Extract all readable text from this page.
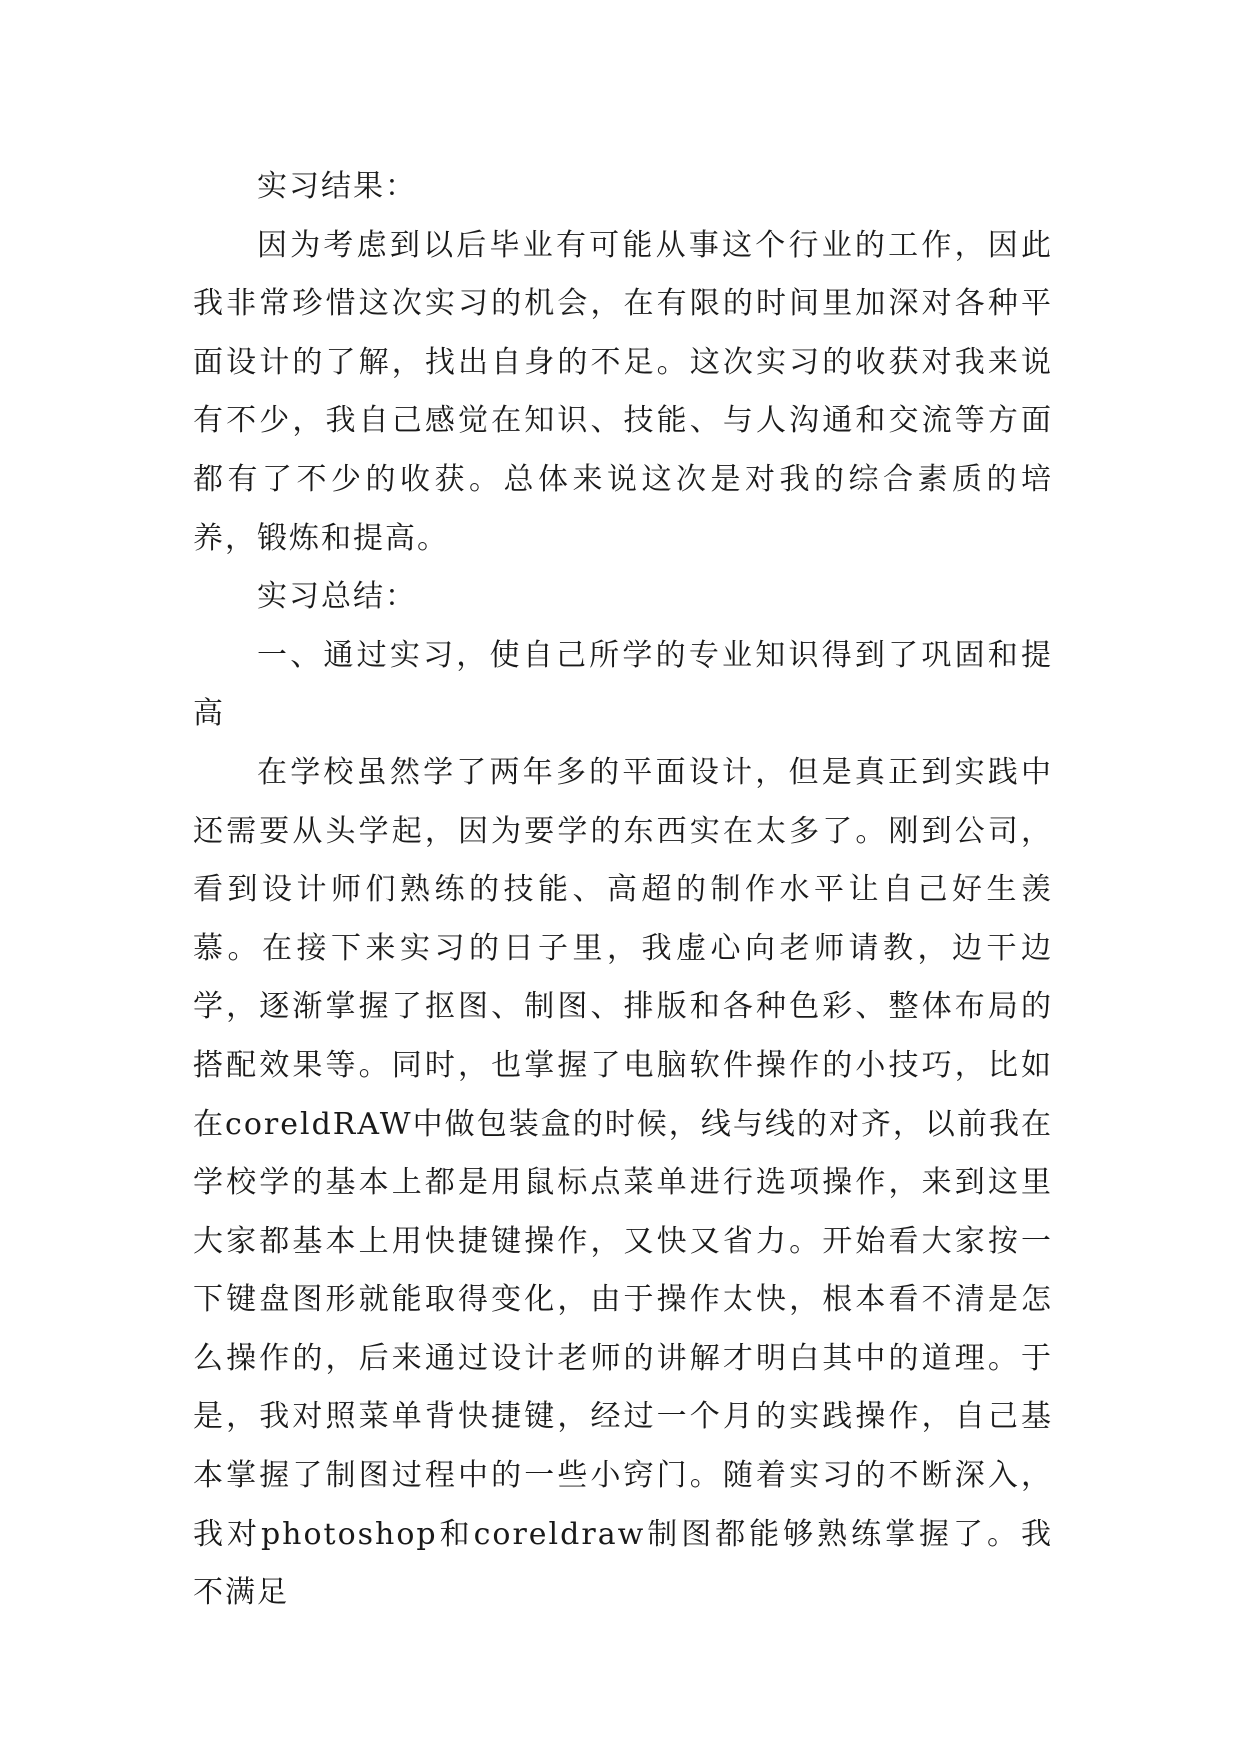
实习结果：

因为考虑到以后毕业有可能从事这个行业的工作，因此我非常珍惜这次实习的机会，在有限的时间里加深对各种平面设计的了解，找出自身的不足。这次实习的收获对我来说有不少，我自己感觉在知识、技能、与人沟通和交流等方面都有了不少的收获。总体来说这次是对我的综合素质的培养，锻炼和提高。

实习总结：

一、通过实习，使自己所学的专业知识得到了巩固和提高

在学校虽然学了两年多的平面设计，但是真正到实践中还需要从头学起，因为要学的东西实在太多了。刚到公司，看到设计师们熟练的技能、高超的制作水平让自己好生羡慕。在接下来实习的日子里，我虚心向老师请教，边干边学，逐渐掌握了抠图、制图、排版和各种色彩、整体布局的搭配效果等。同时，也掌握了电脑软件操作的小技巧，比如在coreldRAW中做包装盒的时候，线与线的对齐，以前我在学校学的基本上都是用鼠标点菜单进行选项操作，来到这里大家都基本上用快捷键操作，又快又省力。开始看大家按一下键盘图形就能取得变化，由于操作太快，根本看不清是怎么操作的，后来通过设计老师的讲解才明白其中的道理。于是，我对照菜单背快捷键，经过一个月的实践操作，自己基本掌握了制图过程中的一些小窍门。随着实习的不断深入，我对photoshop和coreldraw制图都能够熟练掌握了。我不满足
